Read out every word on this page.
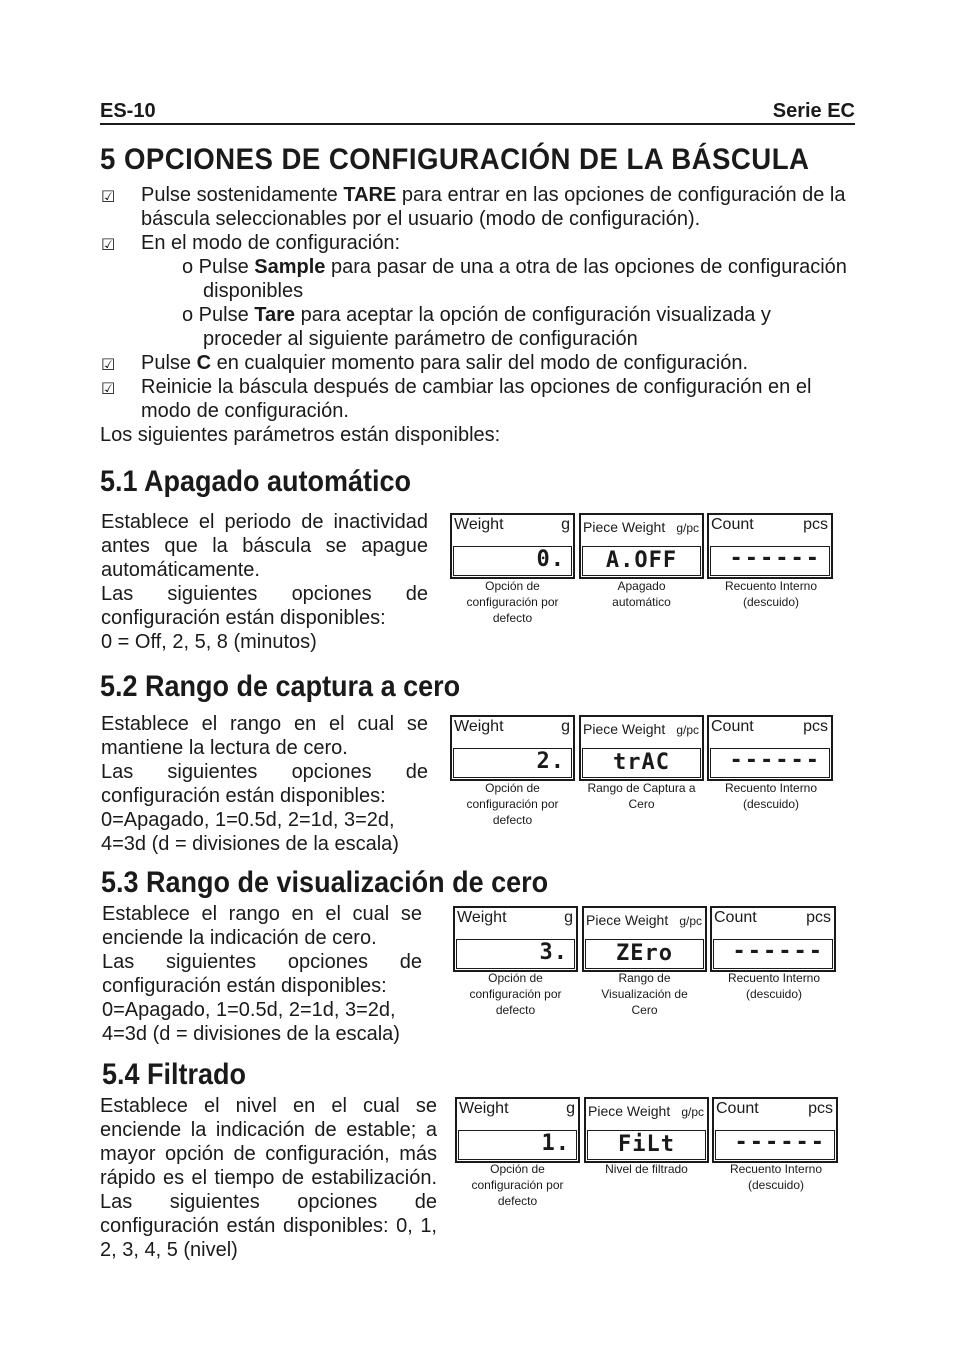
ES-10	Serie EC
5 OPCIONES DE CONFIGURACIÓN DE LA BÁSCULA
☑ Pulse sostenidamente TARE para entrar en las opciones de configuración de la
báscula seleccionables por el usuario (modo de configuración).
☑ En el modo de configuración:
o Pulse Sample para pasar de una a otra de las opciones de configuración
disponibles
o Pulse Tare para aceptar la opción de configuración visualizada y
proceder al siguiente parámetro de configuración
☑ Pulse C en cualquier momento para salir del modo de configuración.
☑ Reinicie la báscula después de cambiar las opciones de configuración en el
modo de configuración.
Los siguientes parámetros están disponibles:
5.1 Apagado automático
Establece el periodo de inactividad
antes que la báscula se apague
automáticamente.
Las siguientes opciones de
configuración están disponibles:
0 = Off, 2, 5, 8 (minutos)
Weight	g
0.
Opción de
configuración por
defecto
Piece Weight g/pc
A.OFF
Apagado
automático
Count	pcs
------
Recuento Interno
(descuido)
5.2 Rango de captura a cero
Establece el rango en el cual se
mantiene la lectura de cero.
Las siguientes opciones de
configuración están disponibles:
0=Apagado, 1=0.5d, 2=1d, 3=2d,
4=3d (d = divisiones de la escala)
Weight	g
2.
Opción de
configuración por
defecto
Piece Weight g/pc
trAC
Rango de Captura a
Cero
Count	pcs
------
Recuento Interno
(descuido)
5.3 Rango de visualización de cero
Establece el rango en el cual se
enciende la indicación de cero.
Las siguientes opciones de
configuración están disponibles:
0=Apagado, 1=0.5d, 2=1d, 3=2d,
4=3d (d = divisiones de la escala)
Weight	g
3.
Opción de
configuración por
defecto
Piece Weight g/pc
ZEro
Rango de
Visualización de
Cero
Count	pcs
------
Recuento Interno
(descuido)
5.4 Filtrado
Establece el nivel en el cual se
enciende la indicación de estable; a
mayor opción de configuración, más
rápido es el tiempo de estabilización.
Las siguientes opciones de
configuración están disponibles: 0, 1,
2, 3, 4, 5 (nivel)
Weight	g
1.
Opción de
configuración por
defecto
Piece Weight g/pc
FiLt
Nivel de filtrado
Count	pcs
------
Recuento Interno
(descuido)
